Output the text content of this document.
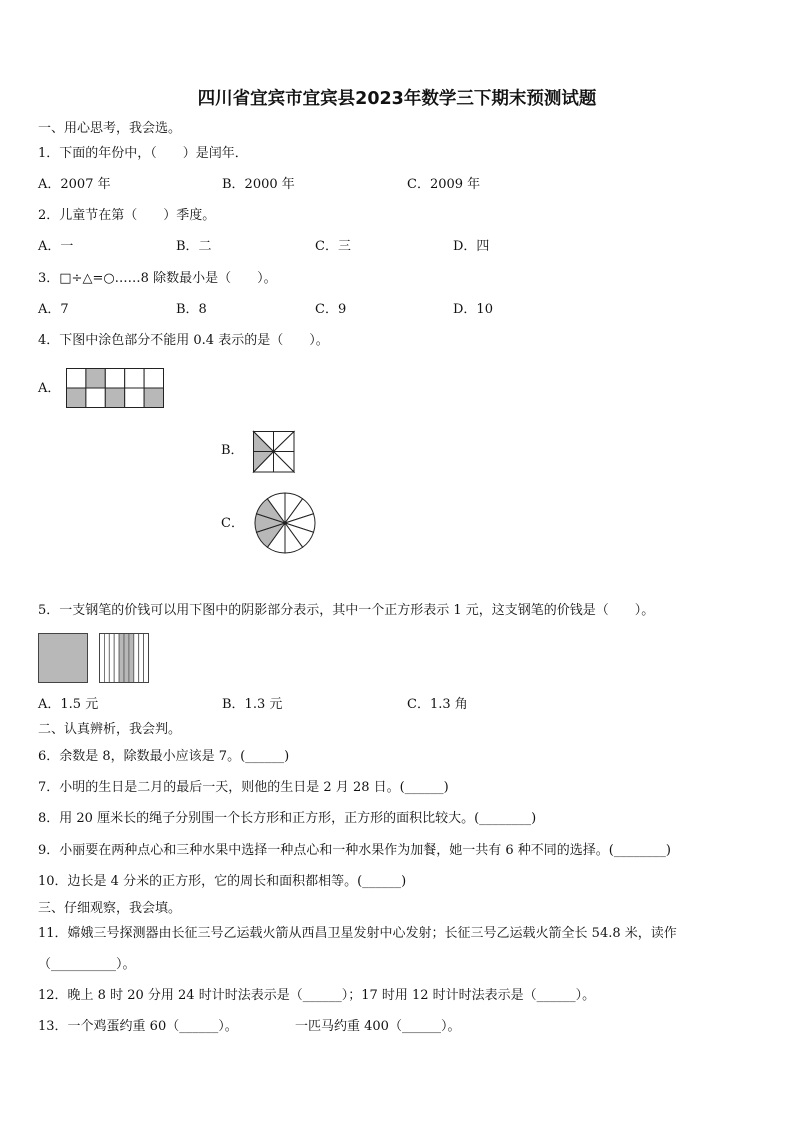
四川省宜宾市宜宾县2023年数学三下期末预测试题
一、用心思考，我会选。
1．下面的年份中，（　　）是闰年．
A．2007 年	B．2000 年	C．2009 年
2．儿童节在第（　　）季度。
A．一	B．二	C．三	D．四
3．□÷△=○……8 除数最小是（　　）。
A．7	B．8	C．9	D．10
4．下图中涂色部分不能用 0.4 表示的是（　　）。
A．
B．
C．
5．一支钢笔的价钱可以用下图中的阴影部分表示，其中一个正方形表示 1 元，这支钢笔的价钱是（　　）。
A．1.5 元	B．1.3 元	C．1.3 角
二、认真辨析，我会判。
6．余数是 8，除数最小应该是 7。(______)
7．小明的生日是二月的最后一天，则他的生日是 2 月 28 日。(______)
8．用 20 厘米长的绳子分别围一个长方形和正方形，正方形的面积比较大。(________)
9．小丽要在两种点心和三种水果中选择一种点心和一种水果作为加餐，她一共有 6 种不同的选择。(________)
10．边长是 4 分米的正方形，它的周长和面积都相等。(______)
三、仔细观察，我会填。
11．嫦娥三号探测器由长征三号乙运载火箭从西昌卫星发射中心发射；长征三号乙运载火箭全长 54.8 米，读作
（__________）。
12．晚上 8 时 20 分用 24 时计时法表示是（______）；17 时用 12 时计时法表示是（______）。
13．一个鸡蛋约重 60（______）。	一匹马约重 400（______）。
